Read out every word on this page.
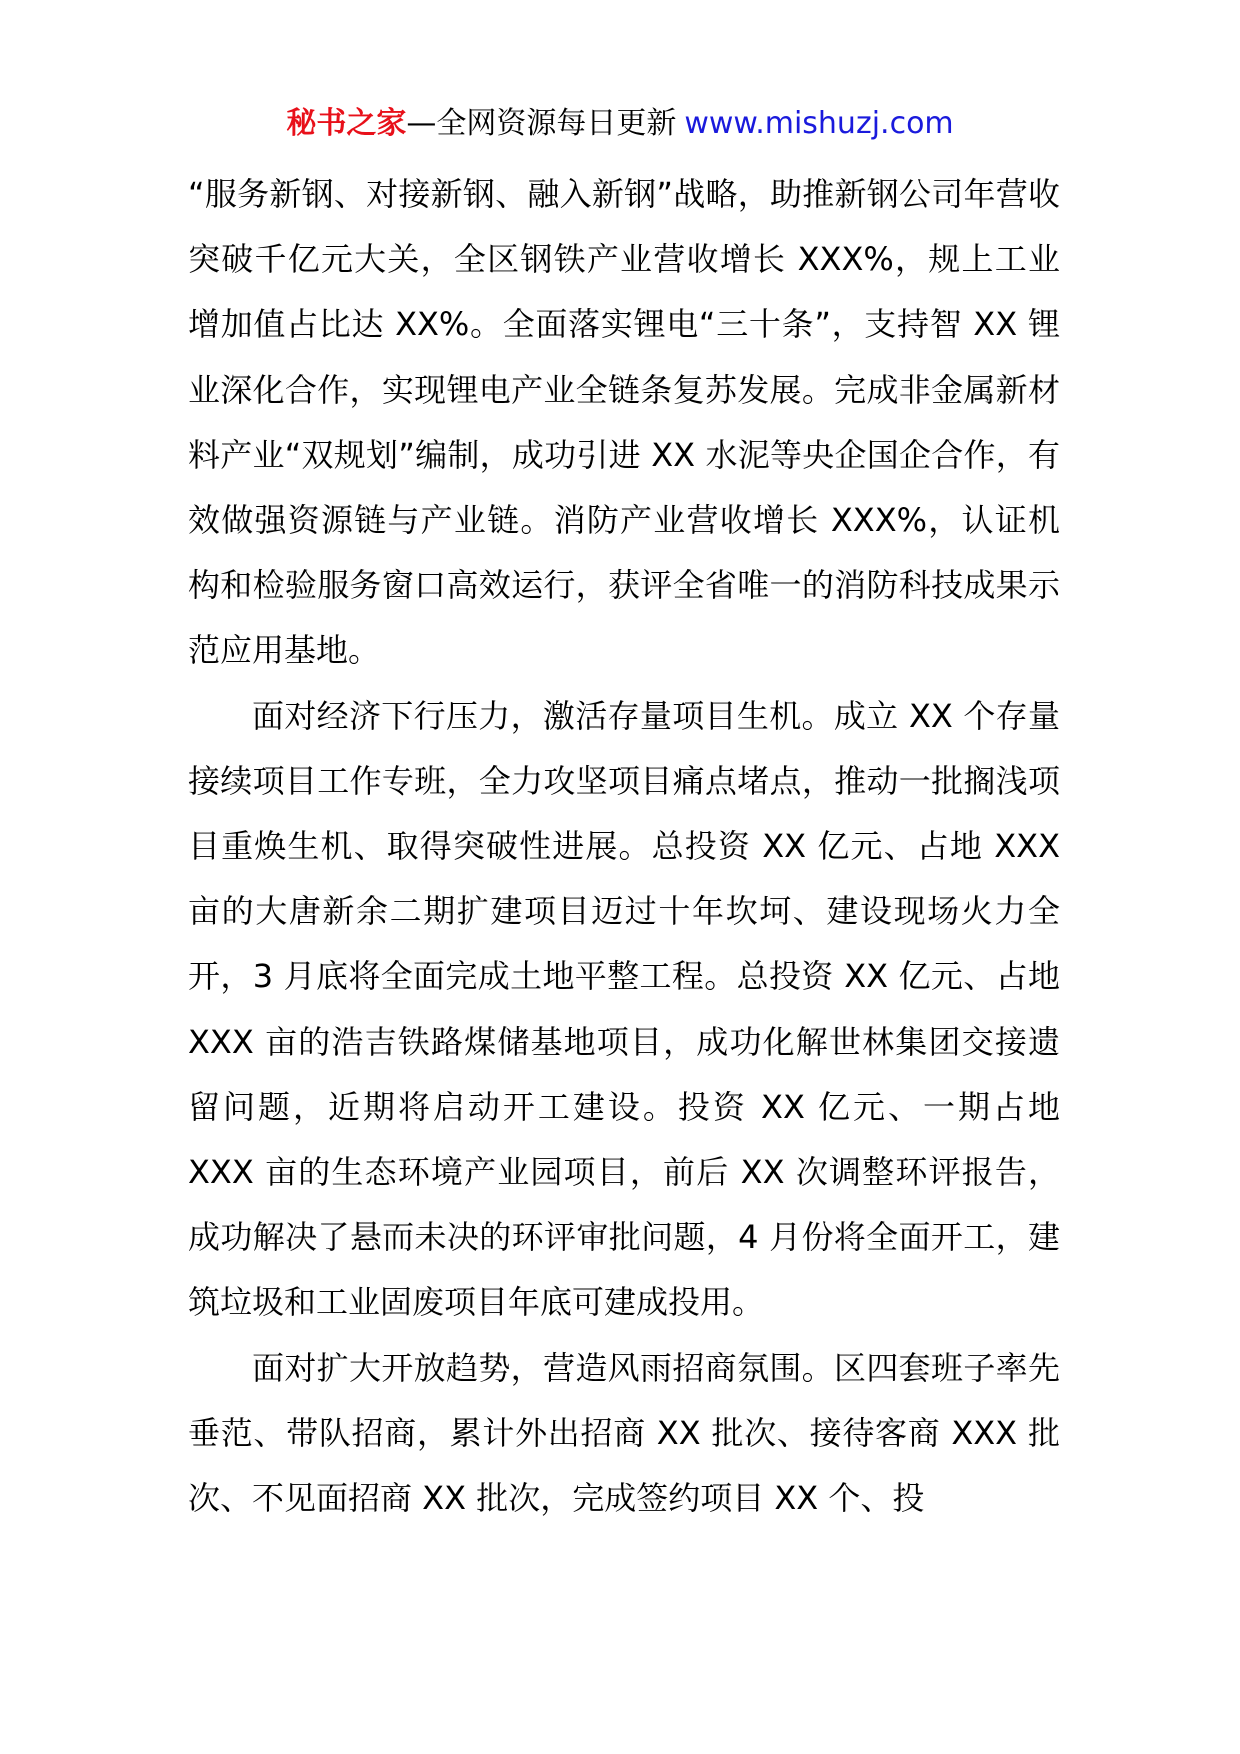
秘书之家—全网资源每日更新 www.mishuzj.com

“服务新钢、对接新钢、融入新钢”战略，助推新钢公司年营收突破千亿元大关，全区钢铁产业营收增长 XXX%，规上工业增加值占比达 XX%。全面落实锂电“三十条”，支持智 XX 锂业深化合作，实现锂电产业全链条复苏发展。完成非金属新材料产业“双规划”编制，成功引进 XX 水泥等央企国企合作，有效做强资源链与产业链。消防产业营收增长 XXX%，认证机构和检验服务窗口高效运行，获评全省唯一的消防科技成果示范应用基地。

面对经济下行压力，激活存量项目生机。成立 XX 个存量接续项目工作专班，全力攻坚项目痛点堵点，推动一批搁浅项目重焕生机、取得突破性进展。总投资 XX 亿元、占地 XXX 亩的大唐新余二期扩建项目迈过十年坎坷、建设现场火力全开，3 月底将全面完成土地平整工程。总投资 XX 亿元、占地 XXX 亩的浩吉铁路煤储基地项目，成功化解世林集团交接遗留问题，近期将启动开工建设。投资 XX 亿元、一期占地 XXX 亩的生态环境产业园项目，前后 XX 次调整环评报告，成功解决了悬而未决的环评审批问题，4 月份将全面开工，建筑垃圾和工业固废项目年底可建成投用。

面对扩大开放趋势，营造风雨招商氛围。区四套班子率先垂范、带队招商，累计外出招商 XX 批次、接待客商 XXX 批次、不见面招商 XX 批次，完成签约项目 XX 个、投
